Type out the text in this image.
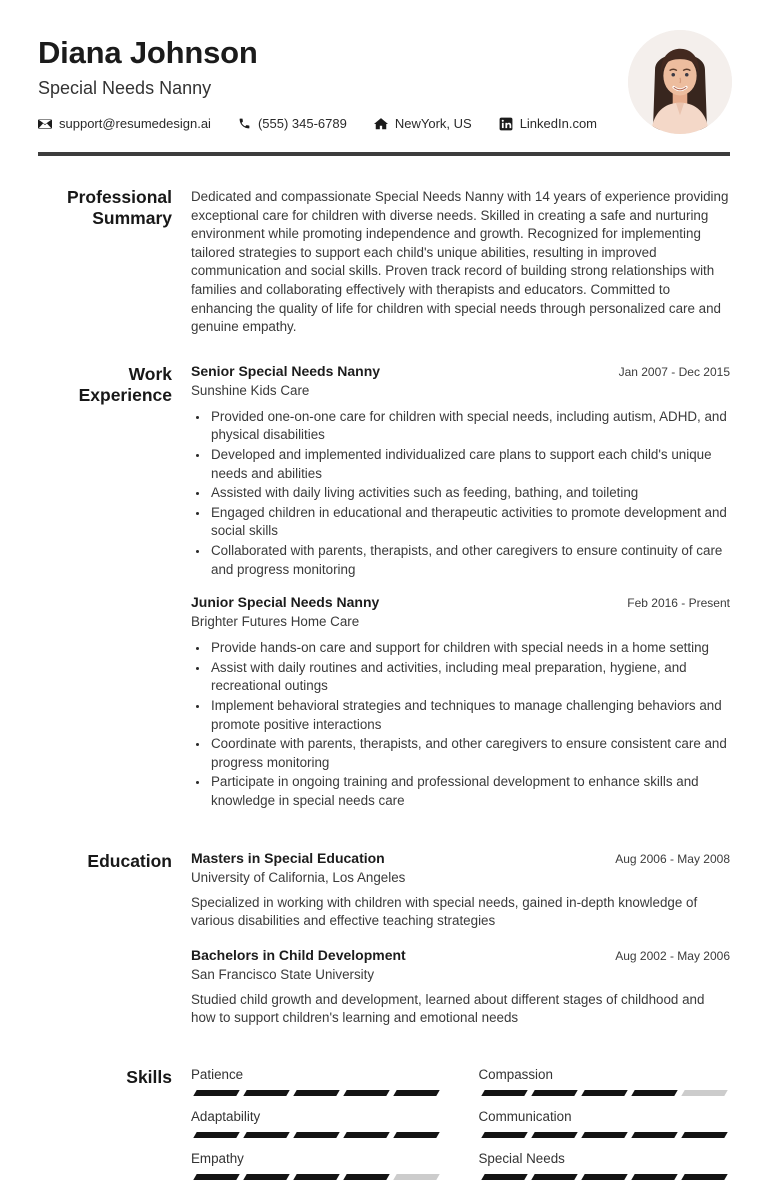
Diana Johnson
Special Needs Nanny
support@resumedesign.ai	(555) 345-6789	NewYork, US	LinkedIn.com
Professional Summary

Dedicated and compassionate Special Needs Nanny with 14 years of experience providing exceptional care for children with diverse needs. Skilled in creating a safe and nurturing environment while promoting independence and growth. Recognized for implementing tailored strategies to support each child's unique abilities, resulting in improved communication and social skills. Proven track record of building strong relationships with families and collaborating effectively with therapists and educators. Committed to enhancing the quality of life for children with special needs through personalized care and genuine empathy.

Work Experience
Senior Special Needs Nanny	Jan 2007 - Dec 2015
Sunshine Kids Care
• Provided one-on-one care for children with special needs, including autism, ADHD, and physical disabilities
• Developed and implemented individualized care plans to support each child's unique needs and abilities
• Assisted with daily living activities such as feeding, bathing, and toileting
• Engaged children in educational and therapeutic activities to promote development and social skills
• Collaborated with parents, therapists, and other caregivers to ensure continuity of care and progress monitoring
Junior Special Needs Nanny	Feb 2016 - Present
Brighter Futures Home Care
• Provide hands-on care and support for children with special needs in a home setting
• Assist with daily routines and activities, including meal preparation, hygiene, and recreational outings
• Implement behavioral strategies and techniques to manage challenging behaviors and promote positive interactions
• Coordinate with parents, therapists, and other caregivers to ensure consistent care and progress monitoring
• Participate in ongoing training and professional development to enhance skills and knowledge in special needs care
Education Masters in Special Education	Aug 2006 - May 2008
University of California, Los Angeles

Specialized in working with children with special needs, gained in-depth knowledge of various disabilities and effective teaching strategies

Bachelors in Child Development	Aug 2002 - May 2006
San Francisco State University

Studied child growth and development, learned about different stages of childhood and how to support children's learning and emotional needs

Skills Patience	Compassion
Adaptability	Communication
Empathy	Special Needs
